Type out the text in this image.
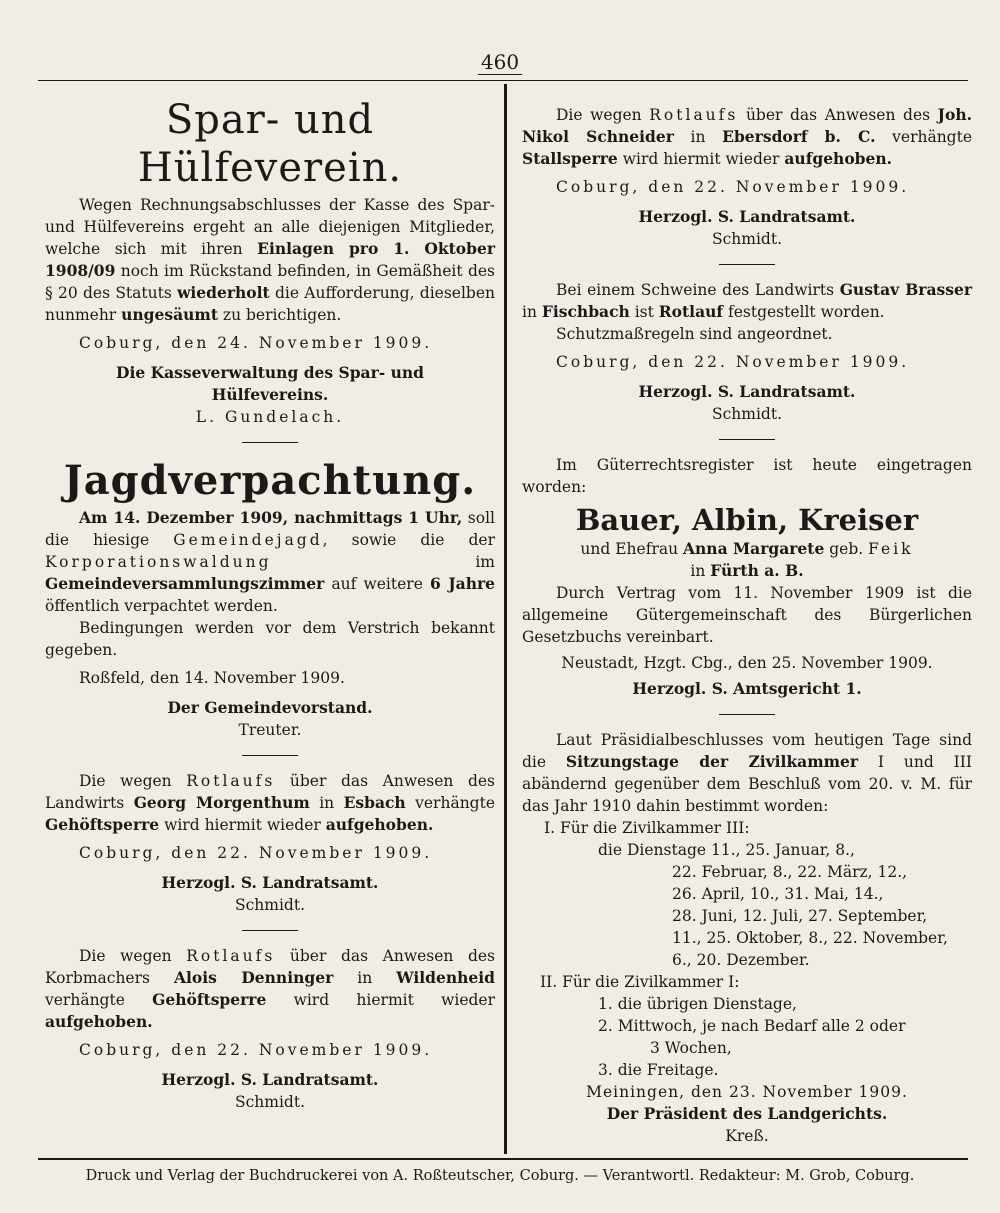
460
Spar- und Hülfeverein.

Wegen Rechnungsabschlusses der Kasse des Spar- und Hülfevereins ergeht an alle diejenigen Mitglieder, welche sich mit ihren Einlagen pro 1. Oktober 1908/09 noch im Rückstand befinden, in Gemäßheit des § 20 des Statuts wiederholt die Aufforderung, dieselben nunmehr ungesäumt zu berichtigen.

Coburg, den 24. November 1909.

Die Kasseverwaltung des Spar- und

Hülfevereins.

L. Gundelach.

Jagdverpachtung.

Am 14. Dezember 1909, nachmittags 1 Uhr, soll die hiesige Gemeindejagd, sowie die der Korporationswaldung im Gemeindeversammlungszimmer auf weitere 6 Jahre öffentlich verpachtet werden.

Bedingungen werden vor dem Verstrich bekannt gegeben.

Roßfeld, den 14. November 1909.

Der Gemeindevorstand.

Treuter.

Die wegen Rotlaufs über das Anwesen des Landwirts Georg Morgenthum in Esbach verhängte Gehöftsperre wird hiermit wieder aufgehoben.

Coburg, den 22. November 1909.

Herzogl. S. Landratsamt.

Schmidt.

Die wegen Rotlaufs über das Anwesen des Korbmachers Alois Denninger in Wildenheid verhängte Gehöftsperre wird hiermit wieder aufgehoben.

Coburg, den 22. November 1909.

Herzogl. S. Landratsamt.

Schmidt.

Die wegen Rotlaufs über das Anwesen des Joh. Nikol Schneider in Ebersdorf b. C. verhängte Stallsperre wird hiermit wieder aufgehoben.

Coburg, den 22. November 1909.

Herzogl. S. Landratsamt.

Schmidt.

Bei einem Schweine des Landwirts Gustav Brasser in Fischbach ist Rotlauf festgestellt worden.

Schutzmaßregeln sind angeordnet.

Coburg, den 22. November 1909.

Herzogl. S. Landratsamt.

Schmidt.

Im Güterrechtsregister ist heute eingetragen worden:

Bauer, Albin, Kreiser

und Ehefrau Anna Margarete geb. Feik

in Fürth a. B.

Durch Vertrag vom 11. November 1909 ist die allgemeine Gütergemeinschaft des Bürgerlichen Gesetzbuchs vereinbart.

Neustadt, Hzgt. Cbg., den 25. November 1909.

Herzogl. S. Amtsgericht 1.

Laut Präsidialbeschlusses vom heutigen Tage sind die Sitzungstage der Zivilkammer I und III abändernd gegenüber dem Beschluß vom 20. v. M. für das Jahr 1910 dahin bestimmt worden:

I. Für die Zivilkammer III:

die Dienstage 11., 25. Januar, 8.,

22. Februar, 8., 22. März, 12.,

26. April, 10., 31. Mai, 14.,

28. Juni, 12. Juli, 27. September,

11., 25. Oktober, 8., 22. November,

6., 20. Dezember.

II. Für die Zivilkammer I:

1. die übrigen Dienstage,

2. Mittwoch, je nach Bedarf alle 2 oder

3 Wochen,

3. die Freitage.

Meiningen, den 23. November 1909.

Der Präsident des Landgerichts.

Kreß.

Druck und Verlag der Buchdruckerei von A. Roßteutscher, Coburg. — Verantwortl. Redakteur: M. Grob, Coburg.
